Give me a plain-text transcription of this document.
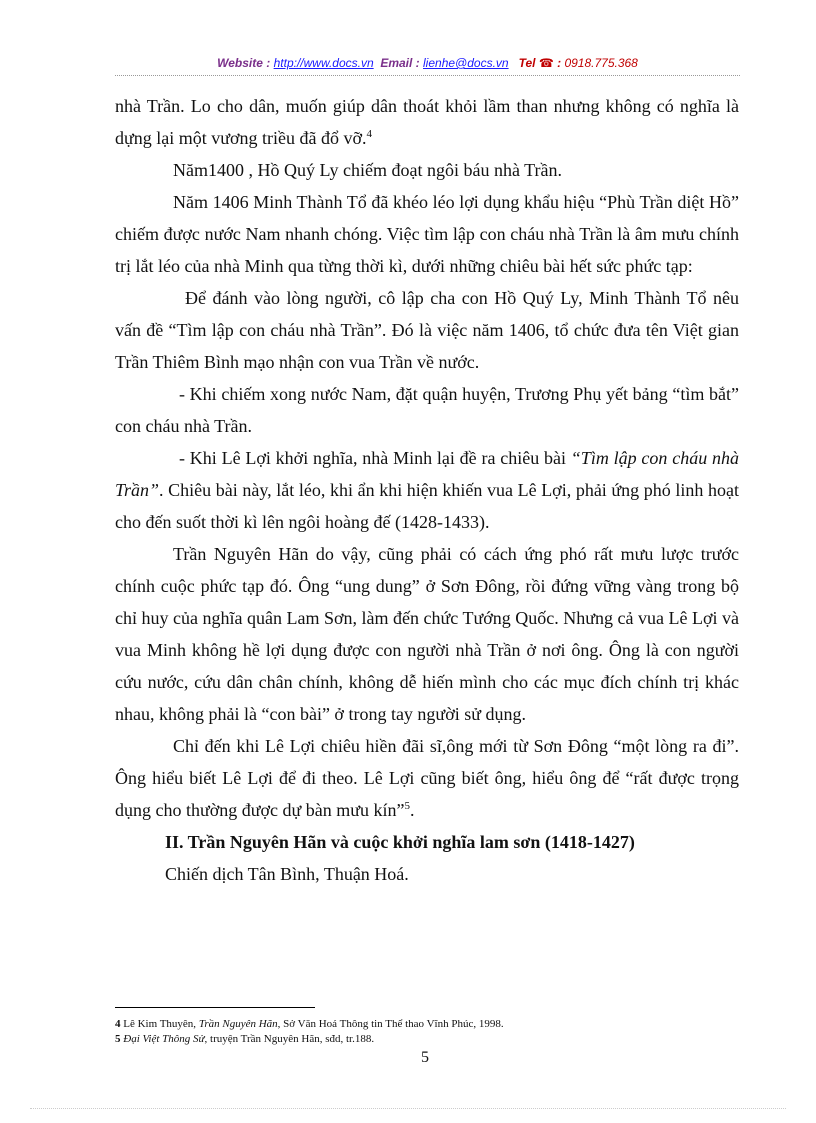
Website : http://www.docs.vn Email : lienhe@docs.vn Tel ☎ : 0918.775.368

nhà Trần. Lo cho dân, muốn giúp dân thoát khỏi lầm than nhưng không có nghĩa là dựng lại một vương triều đã đổ vỡ.$^4$

Năm1400 , Hồ Quý Ly chiếm đoạt ngôi báu nhà Trần.

Năm 1406 Minh Thành Tổ đã khéo léo lợi dụng khẩu hiệu “Phù Trần diệt Hồ” chiếm được nước Nam nhanh chóng. Việc tìm lập con cháu nhà Trần là âm mưu chính trị lắt léo của nhà Minh qua từng thời kì, dưới những chiêu bài hết sức phức tạp:

Để đánh vào lòng người, cô lập cha con Hồ Quý Ly, Minh Thành Tổ nêu vấn đề “Tìm lập con cháu nhà Trần”. Đó là việc năm 1406, tổ chức đưa tên Việt gian Trần Thiêm Bình mạo nhận con vua Trần về nước.

- Khi chiếm xong nước Nam, đặt quận huyện, Trương Phụ yết bảng “tìm bắt” con cháu nhà Trần.

- Khi Lê Lợi khởi nghĩa, nhà Minh lại đề ra chiêu bài “Tìm lập con cháu nhà Trần”. Chiêu bài này, lắt léo, khi ẩn khi hiện khiến vua Lê Lợi, phải ứng phó linh hoạt cho đến suốt thời kì lên ngôi hoàng đế (1428-1433).

Trần Nguyên Hãn do vậy, cũng phải có cách ứng phó rất mưu lược trước chính cuộc phức tạp đó. Ông “ung dung” ở Sơn Đông, rồi đứng vững vàng trong bộ chỉ huy của nghĩa quân Lam Sơn, làm đến chức Tướng Quốc. Nhưng cả vua Lê Lợi và vua Minh không hề lợi dụng được con người nhà Trần ở nơi ông. Ông là con người cứu nước, cứu dân chân chính, không dễ hiến mình cho các mục đích chính trị khác nhau, không phải là “con bài” ở trong tay người sử dụng.

Chỉ đến khi Lê Lợi chiêu hiền đãi sĩ,ông mới từ Sơn Đông “một lòng ra đi”. Ông hiểu biết Lê Lợi để đi theo. Lê Lợi cũng biết ông, hiểu ông để “rất được trọng dụng cho thường được dự bàn mưu kín”$^5$.

II. Trần Nguyên Hãn và cuộc khởi nghĩa lam sơn (1418-1427)

Chiến dịch Tân Bình, Thuận Hoá.

4 Lê Kim Thuyên, Trần Nguyên Hãn, Sở Văn Hoá Thông tin Thể thao Vĩnh Phúc, 1998.

5 Đại Việt Thông Sử, truyện Trần Nguyên Hãn, sđd, tr.188.

5
